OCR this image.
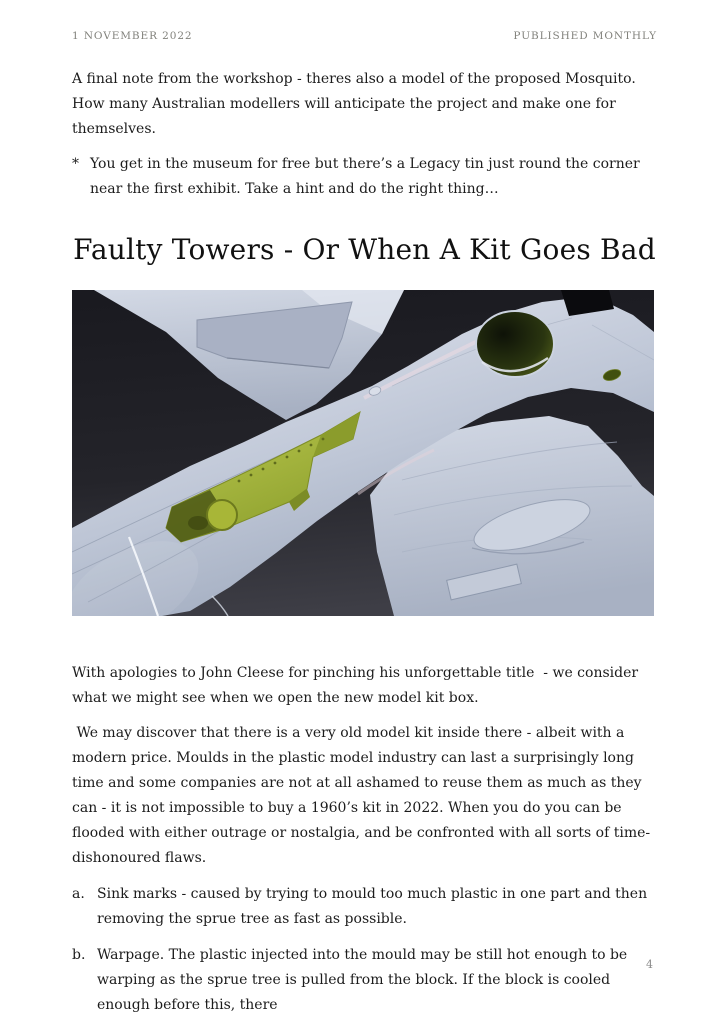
1 NOVEMBER 2022	PUBLISHED MONTHLY

A final note from the workshop - theres also a model of the proposed Mosquito. How many Australian modellers will anticipate the project and make one for themselves.

* You get in the museum for free but there’s a Legacy tin just round the corner near the first exhibit. Take a hint and do the right thing…
Faulty Towers - Or When A Kit Goes Bad

With apologies to John Cleese for pinching his unforgettable title  - we consider what we might see when we open the new model kit box.

We may discover that there is a very old model kit inside there - albeit with a modern price. Moulds in the plastic model industry can last a surprisingly long time and some companies are not at all ashamed to reuse them as much as they can - it is not impossible to buy a 1960’s kit in 2022. When you do you can be flooded with either outrage or nostalgia, and be confronted with all sorts of time-dishonoured flaws.

a. Sink marks - caused by trying to mould too much plastic in one part and then removing the sprue tree as fast as possible.
b. Warpage. The plastic injected into the mould may be still hot enough to be warping as the sprue tree is pulled from the block. If the block is cooled enough before this, there
4
